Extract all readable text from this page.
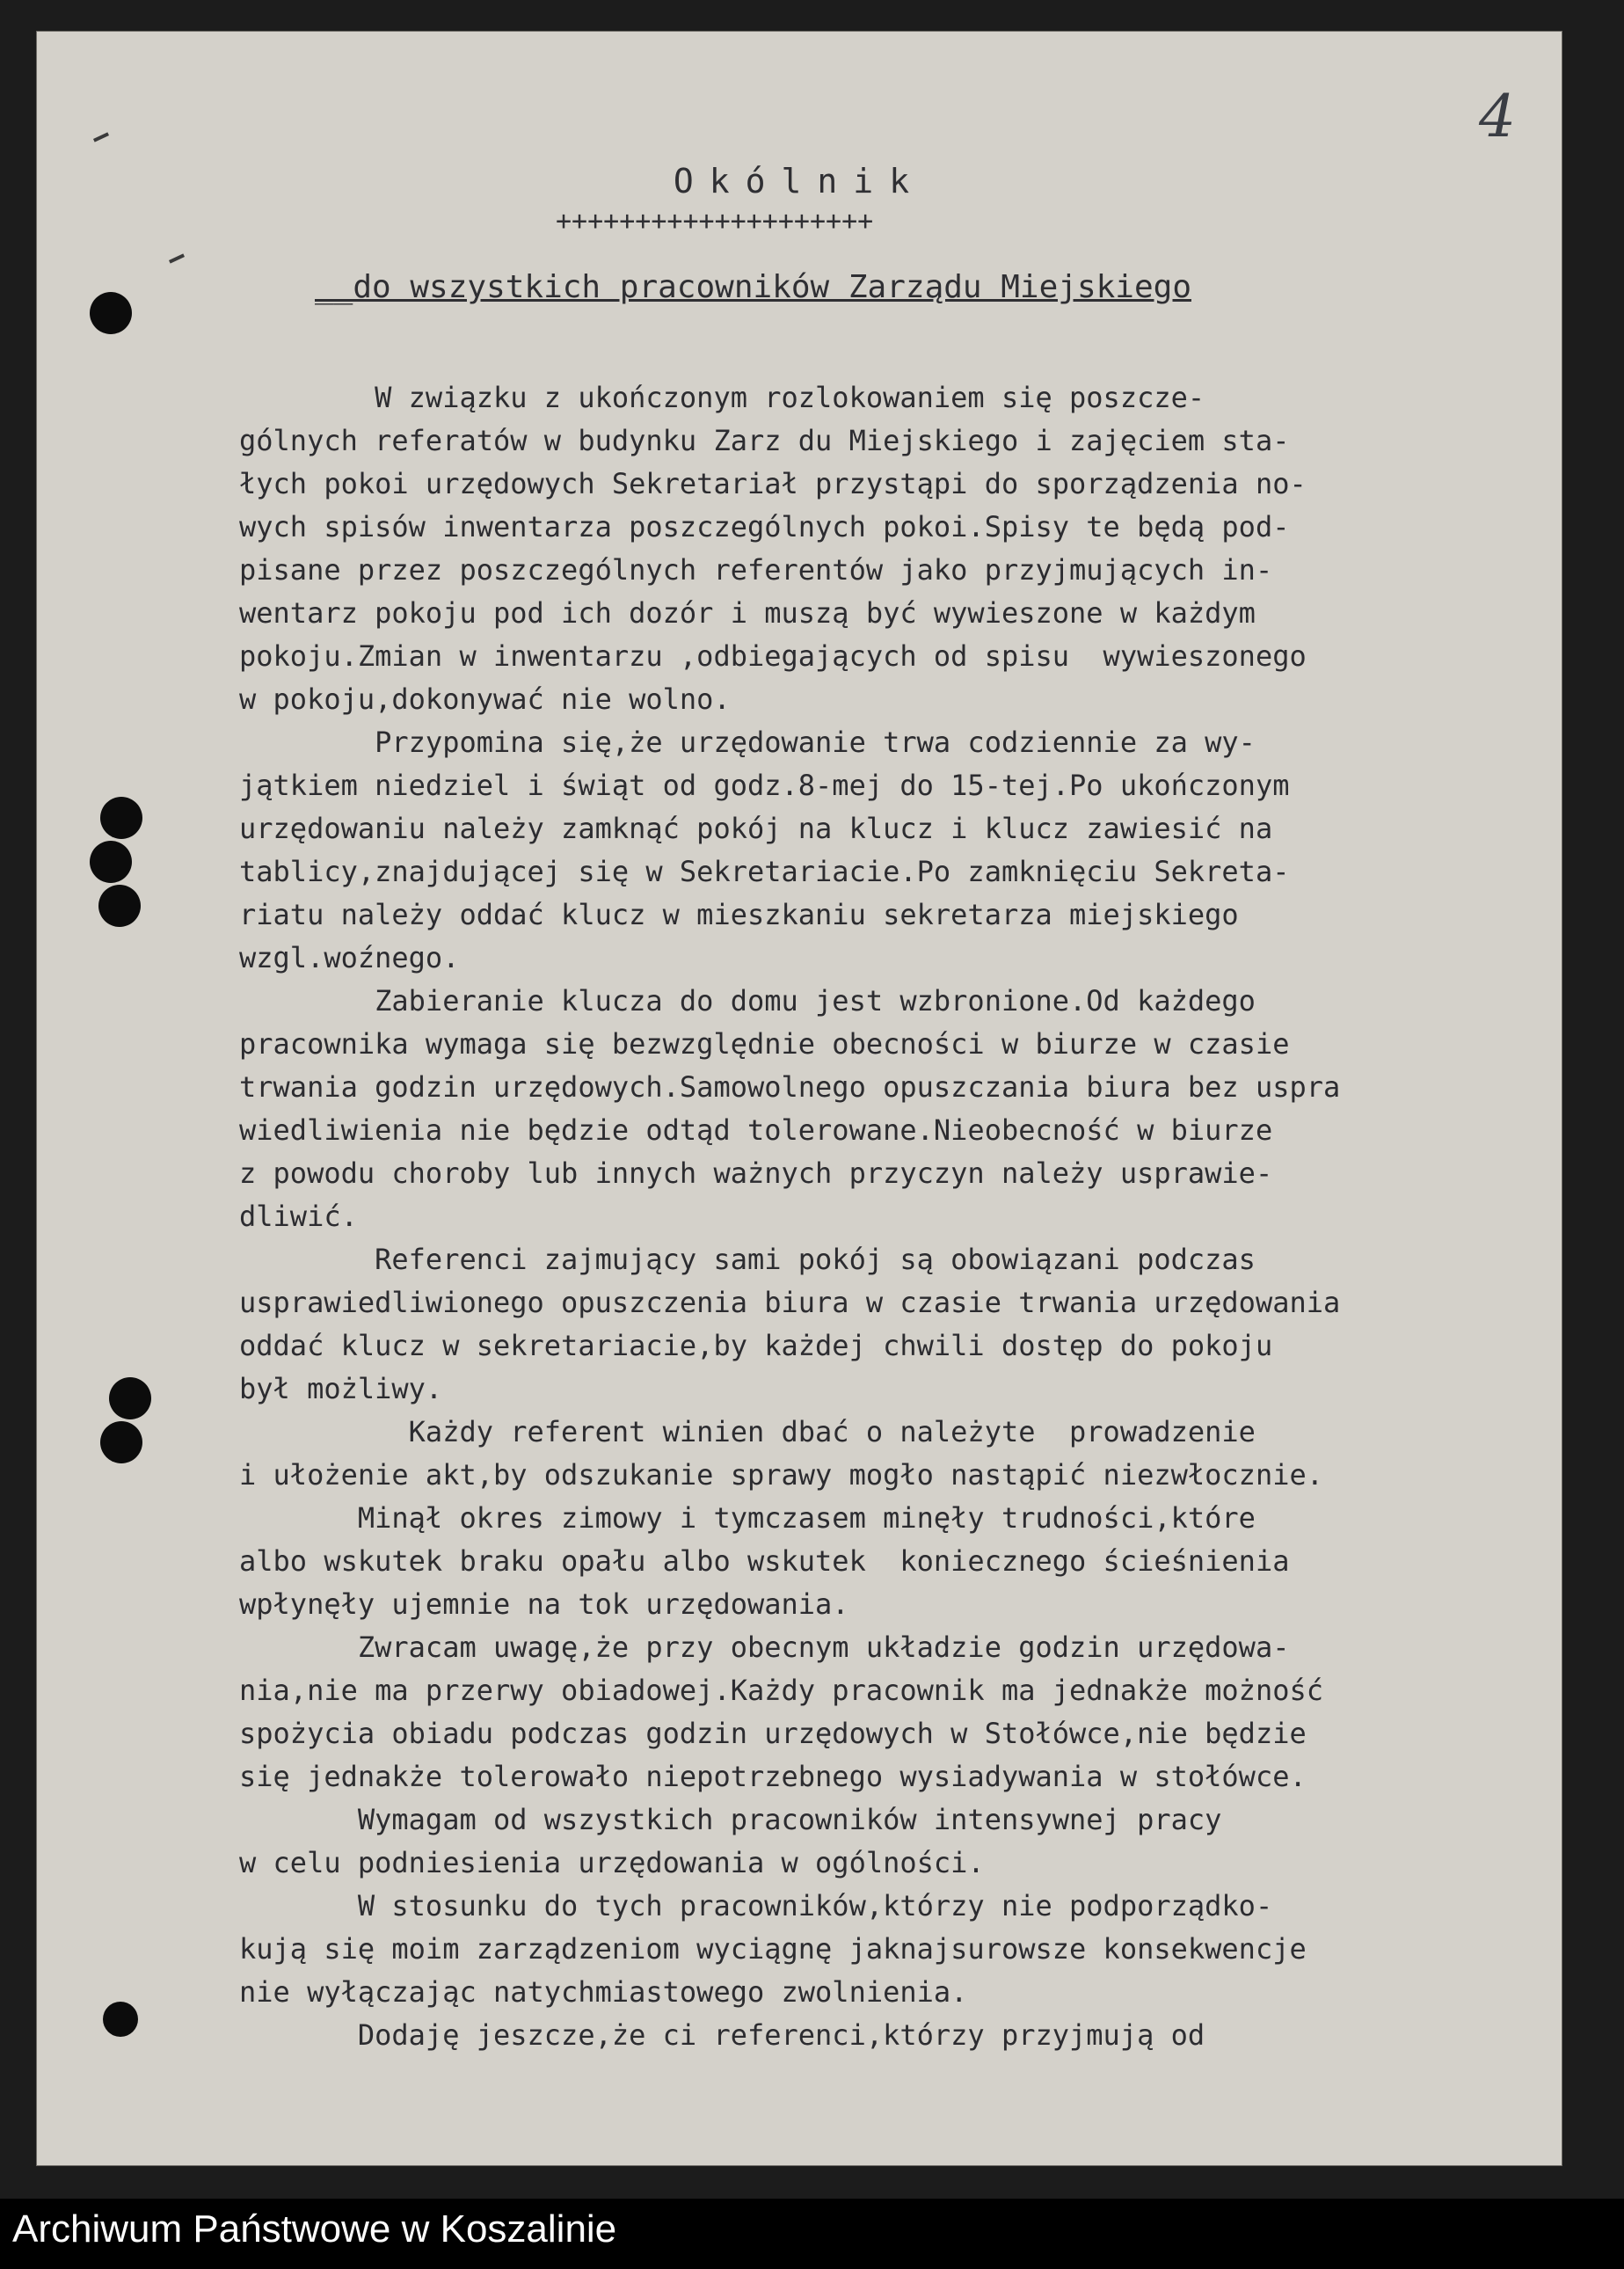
4
Okólnik
++++++++++++++++++++
__do wszystkich pracowników Zarządu Miejskiego
W związku z ukończonym rozlokowaniem się poszcze-
gólnych referatów w budynku Zarz du Miejskiego i zajęciem sta-
łych pokoi urzędowych Sekretariał przystąpi do sporządzenia no-
wych spisów inwentarza poszczególnych pokoi.Spisy te będą pod-
pisane przez poszczególnych referentów jako przyjmujących in-
wentarz pokoju pod ich dozór i muszą być wywieszone w każdym
pokoju.Zmian w inwentarzu ,odbiegających od spisu  wywieszonego
w pokoju,dokonywać nie wolno.
Przypomina się,że urzędowanie trwa codziennie za wy-
jątkiem niedziel i świąt od godz.8-mej do 15-tej.Po ukończonym
urzędowaniu należy zamknąć pokój na klucz i klucz zawiesić na
tablicy,znajdującej się w Sekretariacie.Po zamknięciu Sekreta-
riatu należy oddać klucz w mieszkaniu sekretarza miejskiego
wzgl.woźnego.
Zabieranie klucza do domu jest wzbronione.Od każdego
pracownika wymaga się bezwzględnie obecności w biurze w czasie
trwania godzin urzędowych.Samowolnego opuszczania biura bez uspra
wiedliwienia nie będzie odtąd tolerowane.Nieobecność w biurze
z powodu choroby lub innych ważnych przyczyn należy usprawie-
dliwić.
Referenci zajmujący sami pokój są obowiązani podczas
usprawiedliwionego opuszczenia biura w czasie trwania urzędowania
oddać klucz w sekretariacie,by każdej chwili dostęp do pokoju
był możliwy.
Każdy referent winien dbać o należyte  prowadzenie
i ułożenie akt,by odszukanie sprawy mogło nastąpić niezwłocznie.
Minął okres zimowy i tymczasem minęły trudności,które
albo wskutek braku opału albo wskutek  koniecznego ścieśnienia
wpłynęły ujemnie na tok urzędowania.
Zwracam uwagę,że przy obecnym układzie godzin urzędowa-
nia,nie ma przerwy obiadowej.Każdy pracownik ma jednakże możność
spożycia obiadu podczas godzin urzędowych w Stołówce,nie będzie
się jednakże tolerowało niepotrzebnego wysiadywania w stołówce.
Wymagam od wszystkich pracowników intensywnej pracy
w celu podniesienia urzędowania w ogólności.
W stosunku do tych pracowników,którzy nie podporządko-
kują się moim zarządzeniom wyciągnę jaknajsurowsze konsekwencje
nie wyłączając natychmiastowego zwolnienia.
Dodaję jeszcze,że ci referenci,którzy przyjmują od
Archiwum Państwowe w Koszalinie
